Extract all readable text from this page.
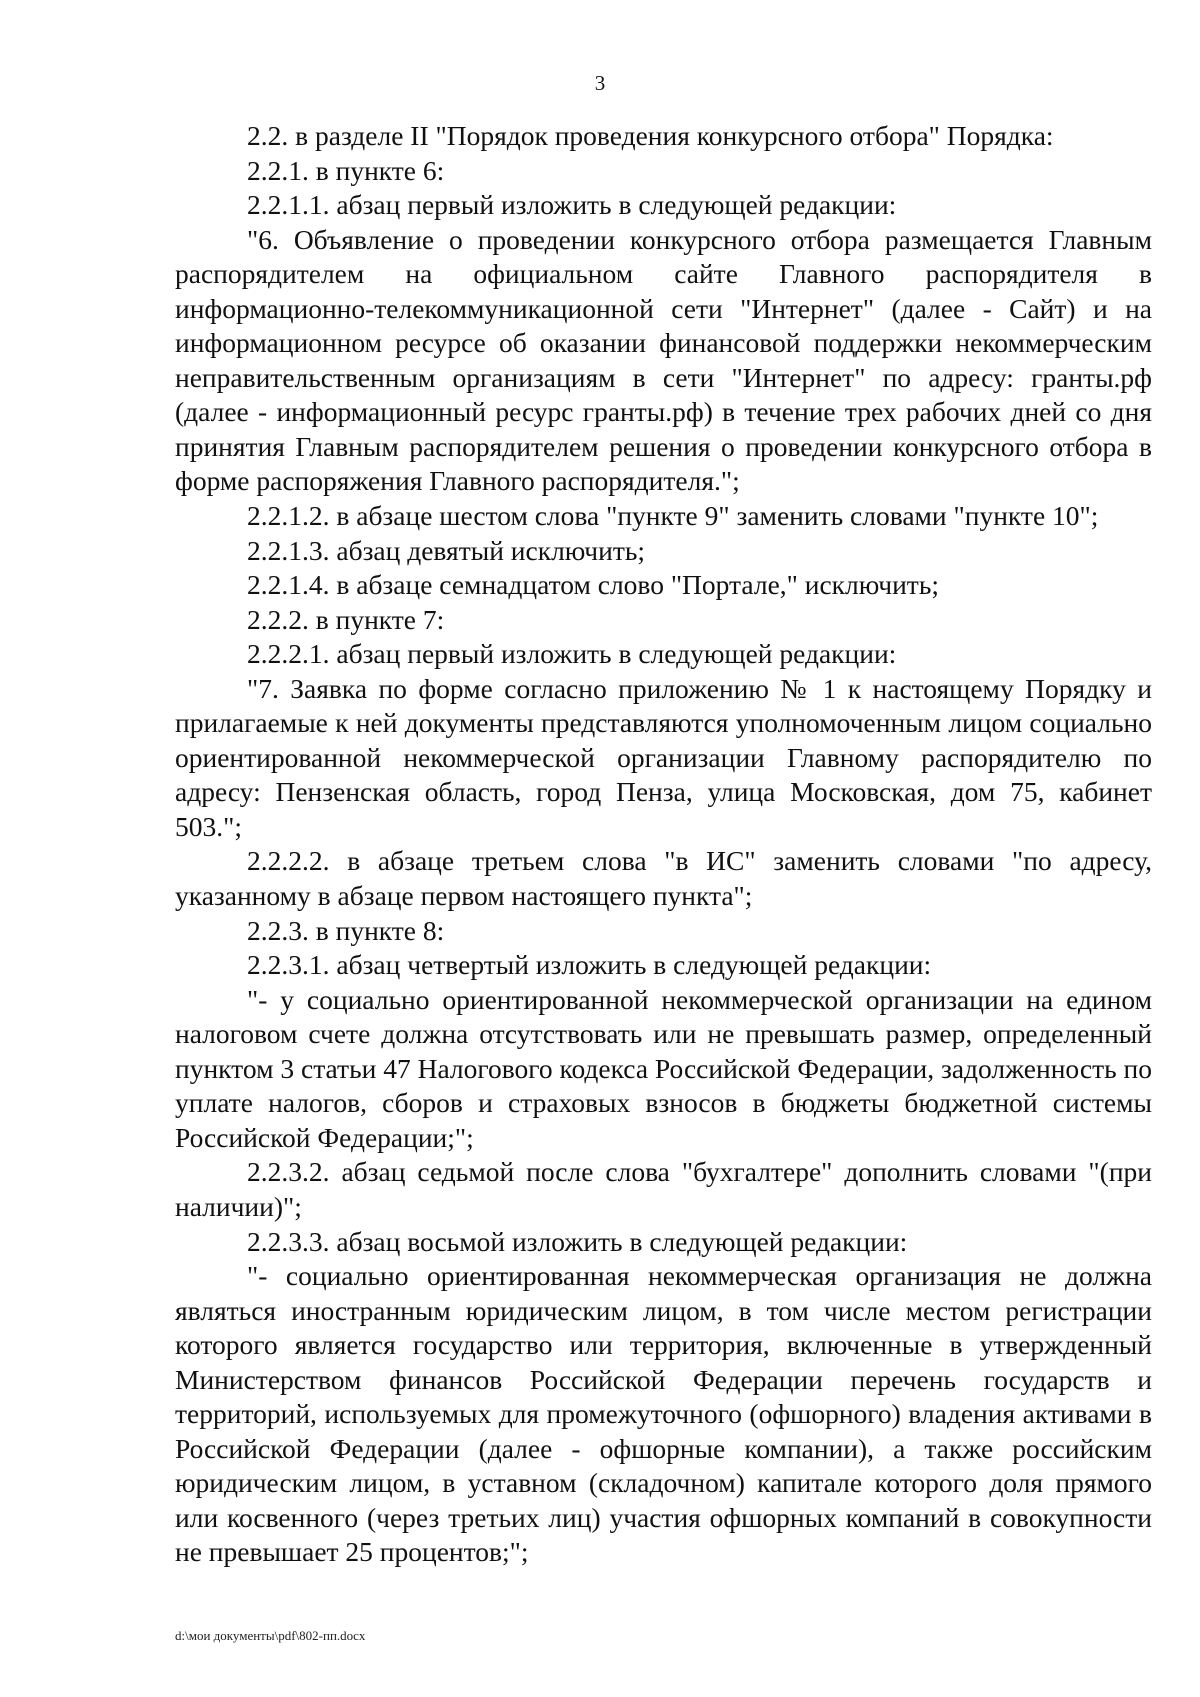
3

2.2. в разделе II "Порядок проведения конкурсного отбора" Порядка:

2.2.1. в пункте 6:

2.2.1.1. абзац первый изложить в следующей редакции:

"6. Объявление о проведении конкурсного отбора размещается Главным распорядителем на официальном сайте Главного распорядителя в информационно-телекоммуникационной сети "Интернет" (далее - Сайт) и на информационном ресурсе об оказании финансовой поддержки некоммерческим неправительственным организациям в сети "Интернет" по адресу: гранты.рф (далее - информационный ресурс гранты.рф) в течение трех рабочих дней со дня принятия Главным распорядителем решения о проведении конкурсного отбора в форме распоряжения Главного распорядителя.";

2.2.1.2. в абзаце шестом слова "пункте 9" заменить словами "пункте 10";

2.2.1.3. абзац девятый исключить;

2.2.1.4. в абзаце семнадцатом слово "Портале," исключить;

2.2.2. в пункте 7:

2.2.2.1. абзац первый изложить в следующей редакции:

"7. Заявка по форме согласно приложению № 1 к настоящему Порядку и прилагаемые к ней документы представляются уполномоченным лицом социально ориентированной некоммерческой организации Главному распорядителю по адресу: Пензенская область, город Пенза, улица Московская, дом 75, кабинет 503.";

2.2.2.2. в абзаце третьем слова "в ИС" заменить словами "по адресу, указанному в абзаце первом настоящего пункта";

2.2.3. в пункте 8:

2.2.3.1. абзац четвертый изложить в следующей редакции:

"- у социально ориентированной некоммерческой организации на едином налоговом счете должна отсутствовать или не превышать размер, определенный пунктом 3 статьи 47 Налогового кодекса Российской Федерации, задолженность по уплате налогов, сборов и страховых взносов в бюджеты бюджетной системы Российской Федерации;";

2.2.3.2. абзац седьмой после слова "бухгалтере" дополнить словами "(при наличии)";

2.2.3.3. абзац восьмой изложить в следующей редакции:

"- социально ориентированная некоммерческая организация не должна являться иностранным юридическим лицом, в том числе местом регистрации которого является государство или территория, включенные в утвержденный Министерством финансов Российской Федерации перечень государств и территорий, используемых для промежуточного (офшорного) владения активами в Российской Федерации (далее - офшорные компании), а также российским юридическим лицом, в уставном (складочном) капитале которого доля прямого или косвенного (через третьих лиц) участия офшорных компаний в совокупности не превышает 25 процентов;";

d:\мои документы\pdf\802-пп.docx
